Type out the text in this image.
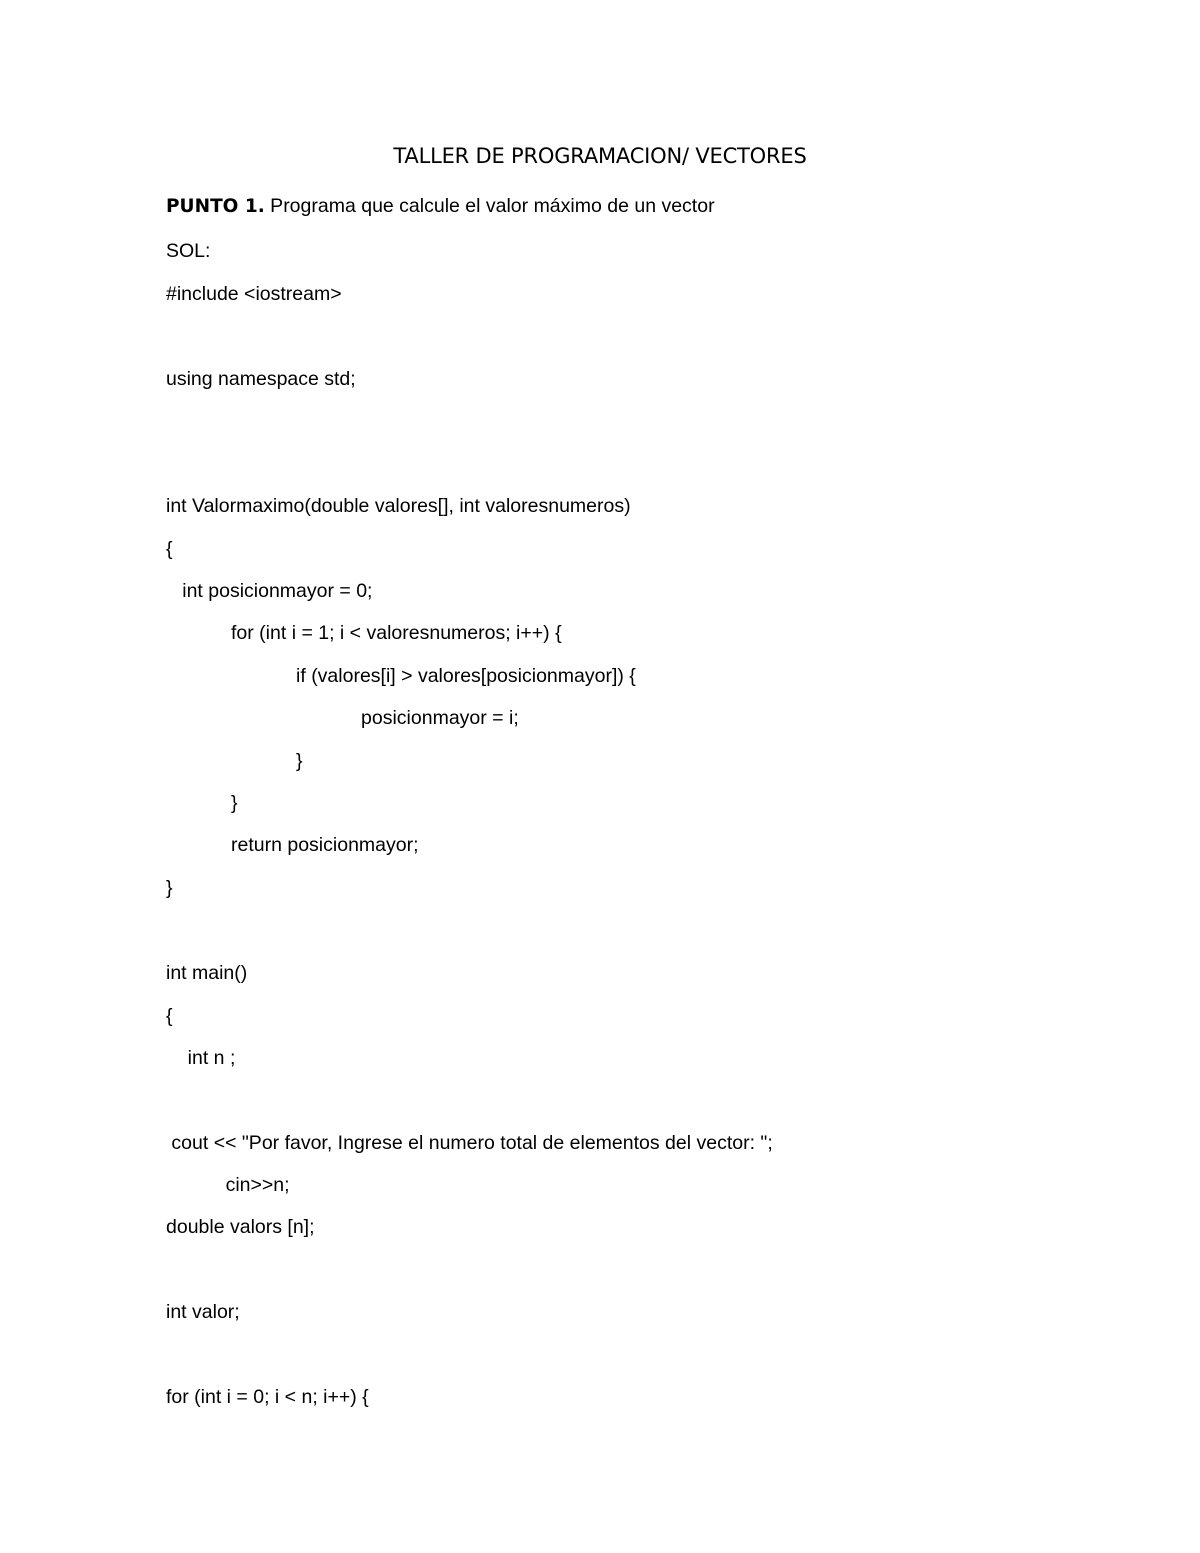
TALLER DE PROGRAMACION/ VECTORES
PUNTO 1. Programa que calcule el valor máximo de un vector
SOL:
#include <iostream>
using namespace std;
int Valormaximo(double valores[], int valoresnumeros)
{
int posicionmayor = 0;
for (int i = 1; i < valoresnumeros; i++) {
if (valores[i] > valores[posicionmayor]) {
posicionmayor = i;
}
}
return posicionmayor;
}
int main()
{
int n ;
cout << "Por favor, Ingrese el numero total de elementos del vector: ";
cin>>n;
double valors [n];
int valor;
for (int i = 0; i < n; i++) {
